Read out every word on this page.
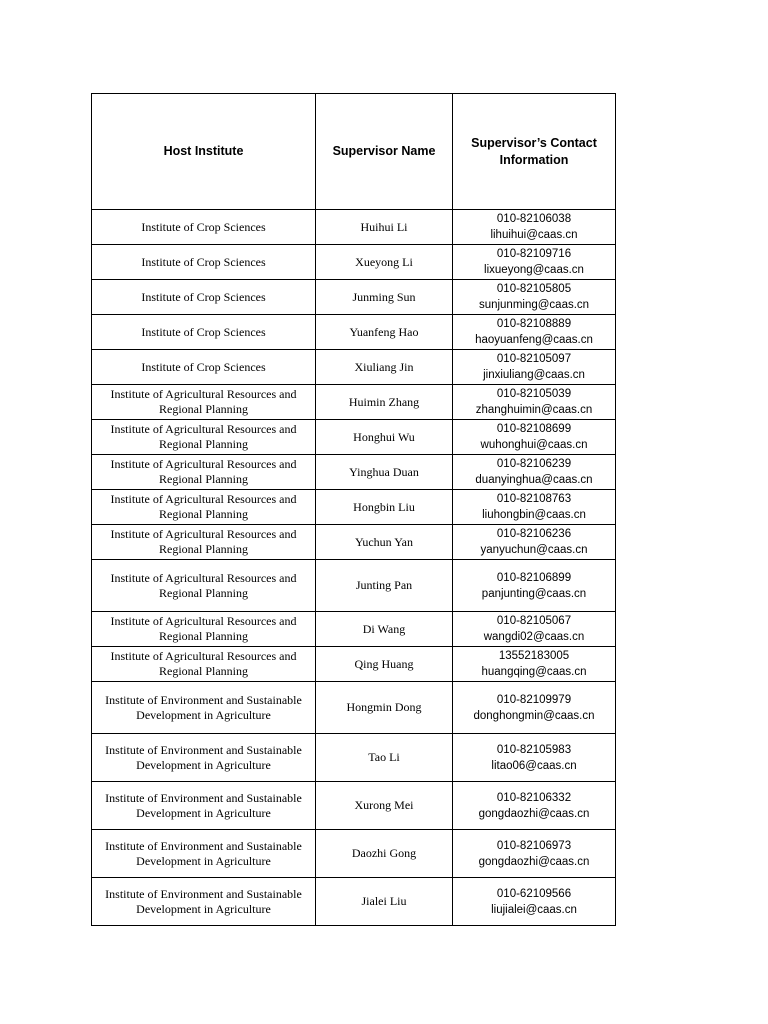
Host Institute	Supervisor Name	Supervisor’s Contact Information
Institute of Crop Sciences	Huihui Li	010-82106038
lihuihui@caas.cn

Institute of Crop Sciences	Xueyong Li	010-82109716
lixueyong@caas.cn

Institute of Crop Sciences	Junming Sun	010-82105805
sunjunming@caas.cn

Institute of Crop Sciences	Yuanfeng Hao	010-82108889
haoyuanfeng@caas.cn

Institute of Crop Sciences	Xiuliang Jin	010-82105097
jinxiuliang@caas.cn

Institute of Agricultural Resources and Regional Planning	Huimin Zhang	010-82105039
zhanghuimin@caas.cn

Institute of Agricultural Resources and Regional Planning	Honghui Wu	010-82108699
wuhonghui@caas.cn

Institute of Agricultural Resources and Regional Planning	Yinghua Duan	010-82106239
duanyinghua@caas.cn

Institute of Agricultural Resources and Regional Planning	Hongbin Liu	010-82108763
liuhongbin@caas.cn

Institute of Agricultural Resources and Regional Planning	Yuchun Yan	010-82106236
yanyuchun@caas.cn

Institute of Agricultural Resources and Regional Planning	Junting Pan	010-82106899
panjunting@caas.cn

Institute of Agricultural Resources and Regional Planning	Di Wang	010-82105067
wangdi02@caas.cn

Institute of Agricultural Resources and Regional Planning	Qing Huang	13552183005
huangqing@caas.cn

Institute of Environment and Sustainable Development in Agriculture	Hongmin Dong	010-82109979
donghongmin@caas.cn

Institute of Environment and Sustainable Development in Agriculture	Tao Li	010-82105983
litao06@caas.cn

Institute of Environment and Sustainable Development in Agriculture	Xurong Mei	010-82106332
gongdaozhi@caas.cn

Institute of Environment and Sustainable Development in Agriculture	Daozhi Gong	010-82106973
gongdaozhi@caas.cn

Institute of Environment and Sustainable Development in Agriculture	Jialei Liu	010-62109566
liujialei@caas.cn
